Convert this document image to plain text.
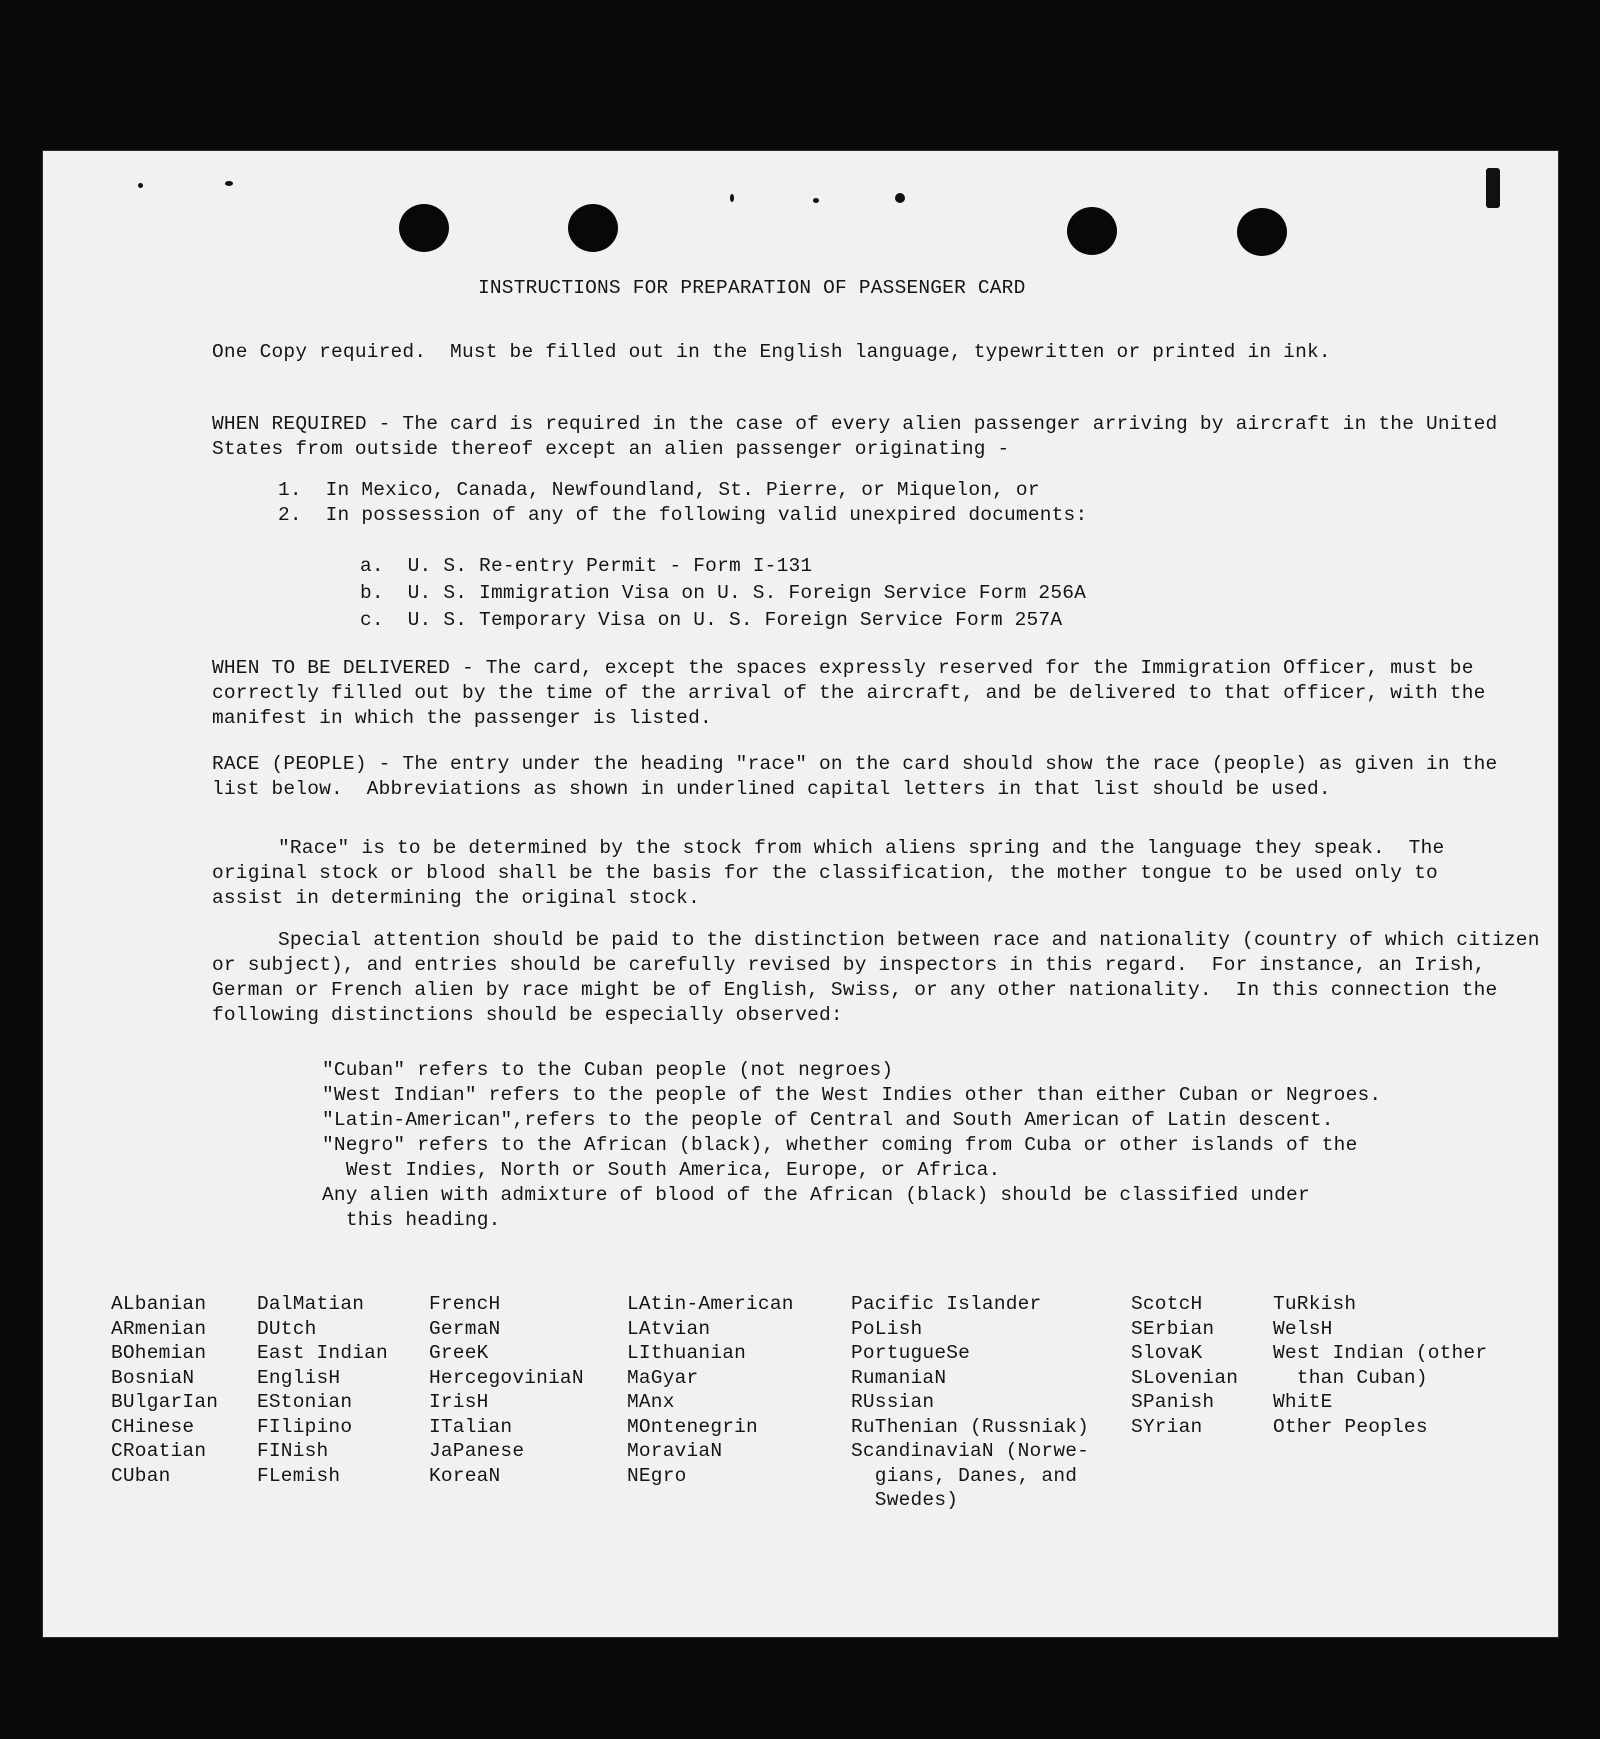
INSTRUCTIONS FOR PREPARATION OF PASSENGER CARD

One Copy required.  Must be filled out in the English language, typewritten or printed in ink.

WHEN REQUIRED - The card is required in the case of every alien passenger arriving by aircraft in the United States from outside thereof except an alien passenger originating -

1. In Mexico, Canada, Newfoundland, St. Pierre, or Miquelon, or

2. In possession of any of the following valid unexpired documents:

a. U. S. Re-entry Permit - Form I-131

b. U. S. Immigration Visa on U. S. Foreign Service Form 256A

c. U. S. Temporary Visa on U. S. Foreign Service Form 257A

WHEN TO BE DELIVERED - The card, except the spaces expressly reserved for the Immigration Officer, must be correctly filled out by the time of the arrival of the aircraft, and be delivered to that officer, with the manifest in which the passenger is listed.

RACE (PEOPLE) - The entry under the heading "race" on the card should show the race (people) as given in the list below.  Abbreviations as shown in underlined capital letters in that list should be used.

"Race" is to be determined by the stock from which aliens spring and the language they speak.  The original stock or blood shall be the basis for the classification, the mother tongue to be used only to assist in determining the original stock.

Special attention should be paid to the distinction between race and nationality (country of which citizen or subject), and entries should be carefully revised by inspectors in this regard.  For instance, an Irish, German or French alien by race might be of English, Swiss, or any other nationality.  In this connection the following distinctions should be especially observed:

"Cuban" refers to the Cuban people (not negroes)

"West Indian" refers to the people of the West Indies other than either Cuban or Negroes.

"Latin-American",refers to the people of Central and South American of Latin descent.

"Negro" refers to the African (black), whether coming from Cuba or other islands of the
West Indies, North or South America, Europe, or Africa.

Any alien with admixture of blood of the African (black) should be classified under
this heading.

ALbanian
ARmenian
BOhemian
BosniaN
BUlgarIan
CHinese
CRoatian
CUban
DalMatian
DUtch
East Indian
EnglisH
EStonian
FIlipino
FINish
FLemish
FrencH
GermaN
GreeK
HercegoviniaN
IrisH
ITalian
JaPanese
KoreaN
LAtin-American
LAtvian
LIthuanian
MaGyar
MAnx
MOntenegrin
MoraviaN
NEgro
Pacific Islander
PoLish
PortugueSe
RumaniaN
RUssian
RuThenian (Russniak)
ScandinaviaN (Norwe-
gians, Danes, and
Swedes)
ScotcH
SErbian
SlovaK
SLovenian
SPanish
SYrian
TuRkish
WelsH
West Indian (other
than Cuban)
WhitE
Other Peoples
